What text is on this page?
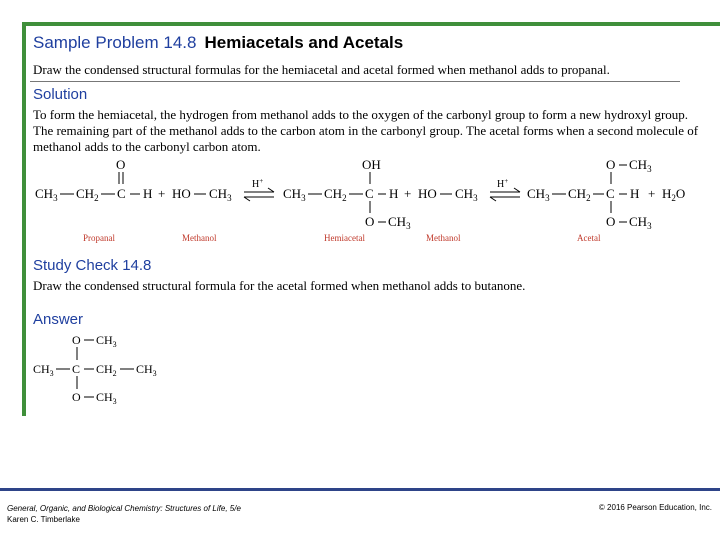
Sample Problem 14.8 Hemiacetals and Acetals
Draw the condensed structural formulas for the hemiacetal and acetal formed when methanol adds to propanal.
Solution
To form the hemiacetal, the hydrogen from methanol adds to the oxygen of the carbonyl group to form a new hydroxyl group. The remaining part of the methanol adds to the carbon atom in the carbonyl group. The acetal forms when a second molecule of methanol adds to the carbonyl carbon atom.
$CH_3$ $CH_2$ C H
O
+ HO $CH_3$
H+
$CH_3$ $CH_2$ C H
OH
O $CH_3$
+ HO $CH_3$
H+
$CH_3$ $CH_2$ C H
O $CH_3$
O $CH_3$
+ $H_2O$
Propanal	Methanol	Hemiacetal	Methanol	Acetal
Study Check 14.8
Draw the condensed structural formula for the acetal formed when methanol adds to butanone.
Answer
O $CH_3$
$CH_3$ C $CH_2$ $CH_3$
O $CH_3$
General, Organic, and Biological Chemistry: Structures of Life, 5/e
Karen C. Timberlake
© 2016 Pearson Education, Inc.
